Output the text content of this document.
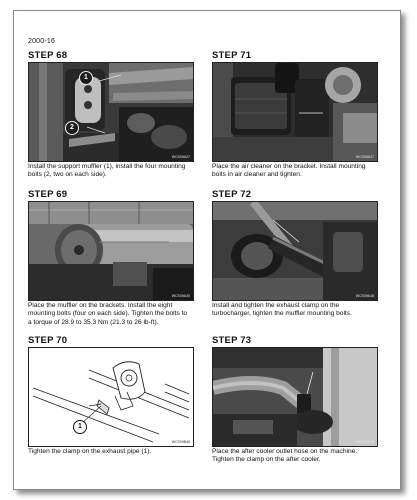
2000-16
STEP 68
1
2
WCS09A27
Install the support muffler (1), install the four mounting bolts (2, two on each side).
STEP 69
WCS09A20
Place the muffler on the brackets. Install the eight mounting bolts (four on each side). Tighten the bolts to a torque of 28.9 to 35.3 Nm (21.3 to 26 lb-ft).
STEP 70
1
WCS09B48
Tighten the clamp on the exhaust pipe (1).
STEP 71
WCS09A17
Place the air cleaner on the bracket. Install mounting bolts in air cleaner and tighten.
STEP 72
WCS09A18
Install and tighten the exhaust clamp on the turbocharger, tighten the muffler mounting bolts.
STEP 73
WCS09A19
Place the after cooler outlet hose on the machine. Tighten the clamp on the after cooler.
